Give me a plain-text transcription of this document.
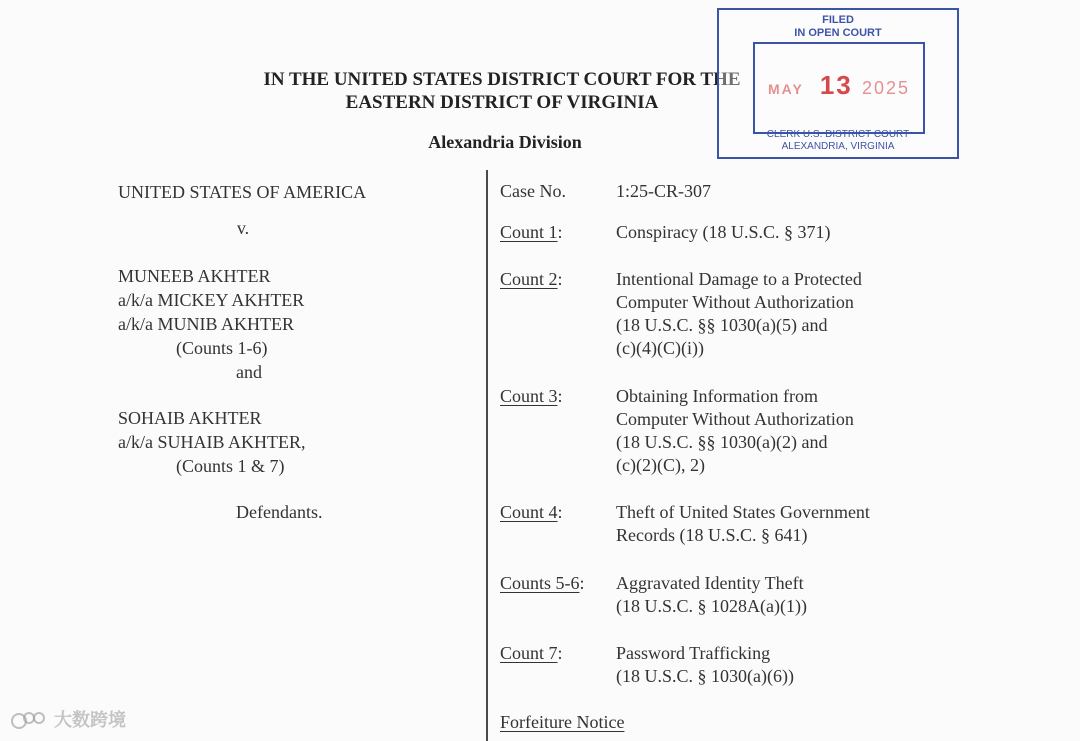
IN THE UNITED STATES DISTRICT COURT FOR THE
EASTERN DISTRICT OF VIRGINIA
Alexandria Division
FILED
IN OPEN COURT
MAY 13 2025
CLERK U.S. DISTRICT COURT
ALEXANDRIA, VIRGINIA
UNITED STATES OF AMERICA
v.
MUNEEB AKHTER
a/k/a MICKEY AKHTER
a/k/a MUNIB AKHTER
(Counts 1-6)
and
SOHAIB AKHTER
a/k/a SUHAIB AKHTER,
(Counts 1 & 7)
Defendants.
Case No.	1:25-CR-307
Count 1:	Conspiracy (18 U.S.C. § 371)
Count 2:	Intentional Damage to a Protected
Computer Without Authorization
(18 U.S.C. §§ 1030(a)(5) and
(c)(4)(C)(i))
Count 3:	Obtaining Information from
Computer Without Authorization
(18 U.S.C. §§ 1030(a)(2) and
(c)(2)(C), 2)
Count 4:	Theft of United States Government
Records (18 U.S.C. § 641)
Counts 5-6:	Aggravated Identity Theft
(18 U.S.C. § 1028A(a)(1))
Count 7:	Password Trafficking
(18 U.S.C. § 1030(a)(6))
Forfeiture Notice
大数跨境
